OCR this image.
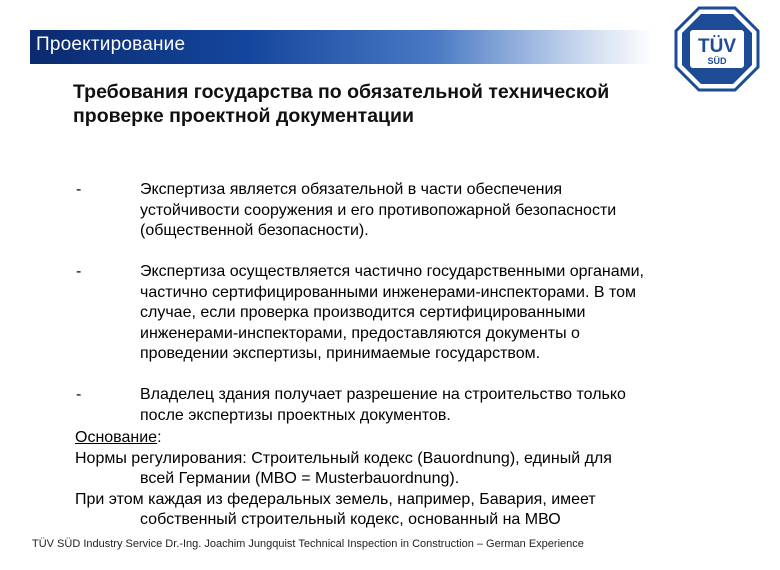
Проектирование	TÜV
SÜD
Требования государства по обязательной технической
проверке проектной документации
-	Экспертиза является обязательной в части обеспечения
устойчивости сооружения и его противопожарной безопасности
(общественной безопасности).
-	Экспертиза осуществляется частично государственными органами,
частично сертифицированными инженерами-инспекторами. В том
случае, если проверка производится сертифицированными
инженерами-инспекторами, предоставляются документы о
проведении экспертизы, принимаемые государством.
-	Владелец здания получает разрешение на строительство только
после экспертизы проектных документов.
Основание:
Нормы регулирования: Строительный кодекс (Bauordnung), единый для
всей Германии (MBO = Musterbauordnung).
При этом каждая из федеральных земель, например, Бавария, имеет
собственный строительный кодекс, основанный на МВО
TÜV SÜD Industry Service Dr.-Ing. Joachim Jungquist Technical Inspection in Construction – German Experience
